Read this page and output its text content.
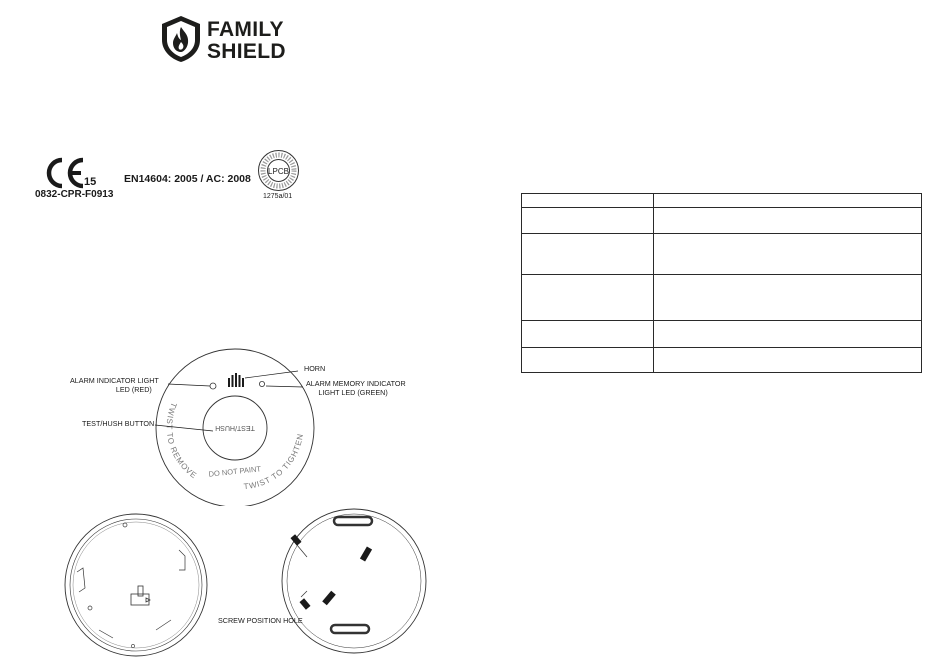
FAMILY
SHIELD
15
0832-CPR-F0913
EN14604: 2005 / AC: 2008
LPCB
1275a/01
TEST/HUSH
TWIST TO REMOVE
TWIST TO TIGHTEN
DO NOT PAINT
ALARM INDICATOR LIGHT
LED (RED)
HORN
ALARM MEMORY INDICATOR
LIGHT LED (GREEN)
TEST/HUSH BUTTON
SCREW POSITION HOLE
